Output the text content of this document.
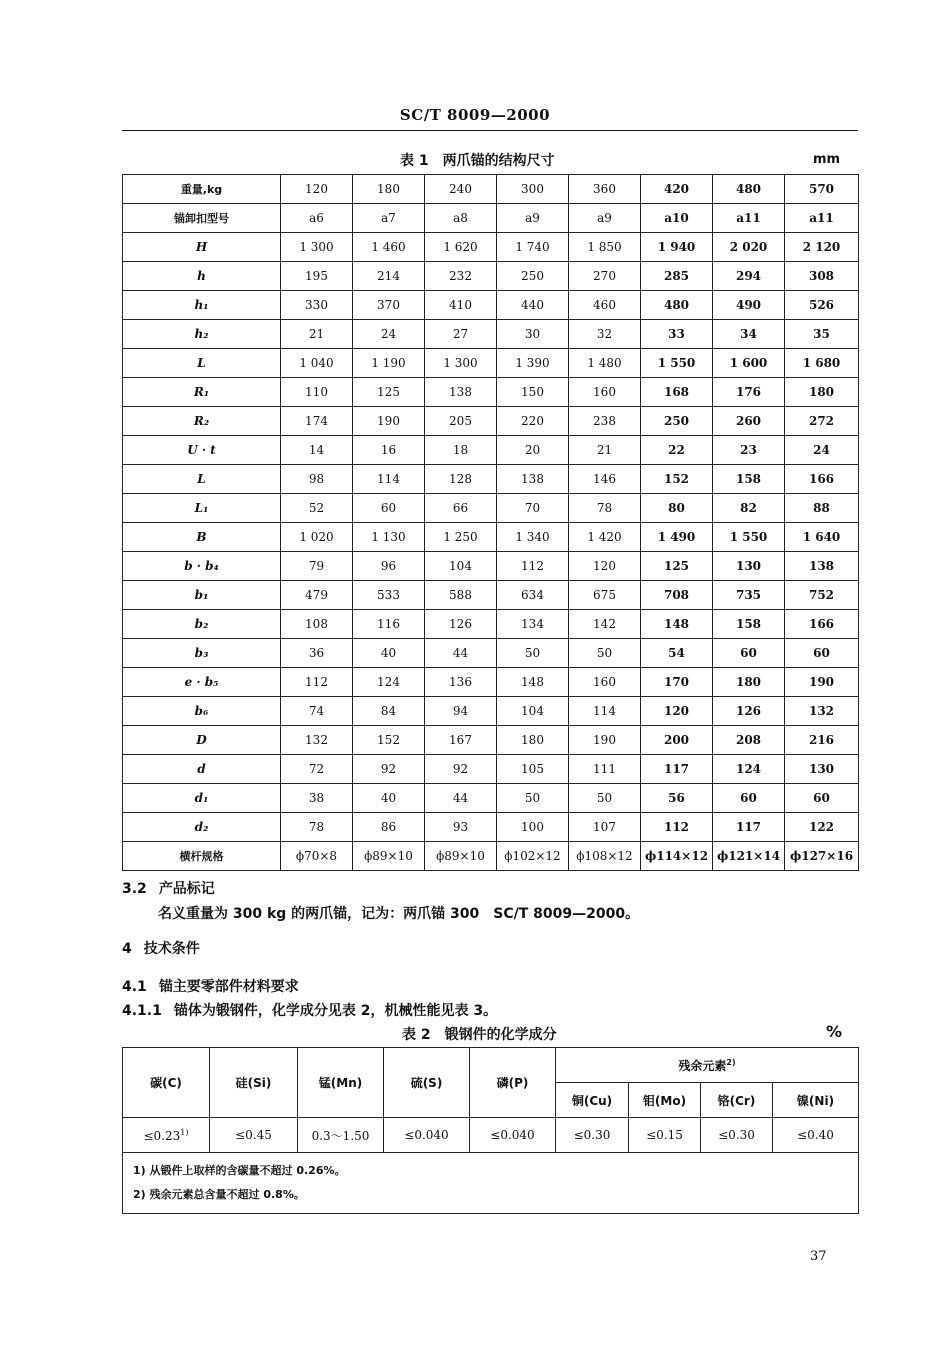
SC/T 8009—2000
表 1　两爪锚的结构尺寸	mm
重量,kg	120	180	240	300	360	420	480	570
锚卸扣型号	a6	a7	a8	a9	a9	a10	a11	a11
H	1 300	1 460	1 620	1 740	1 850	1 940	2 020	2 120
h	195	214	232	250	270	285	294	308
h₁	330	370	410	440	460	480	490	526
h₂	21	24	27	30	32	33	34	35
L	1 040	1 190	1 300	1 390	1 480	1 550	1 600	1 680
R₁	110	125	138	150	160	168	176	180
R₂	174	190	205	220	238	250	260	272
U · t	14	16	18	20	21	22	23	24
L	98	114	128	138	146	152	158	166
L₁	52	60	66	70	78	80	82	88
B	1 020	1 130	1 250	1 340	1 420	1 490	1 550	1 640
b · b₄	79	96	104	112	120	125	130	138
b₁	479	533	588	634	675	708	735	752
b₂	108	116	126	134	142	148	158	166
b₃	36	40	44	50	50	54	60	60
e · b₅	112	124	136	148	160	170	180	190
b₆	74	84	94	104	114	120	126	132
D	132	152	167	180	190	200	208	216
d	72	92	92	105	111	117	124	130
d₁	38	40	44	50	50	56	60	60
d₂	78	86	93	100	107	112	117	122
横杆规格	ϕ70×8	ϕ89×10	ϕ89×10	ϕ102×12	ϕ108×12	ϕ114×12	ϕ121×14	ϕ127×16
3.2 产品标记
名义重量为 300 kg 的两爪锚，记为：两爪锚 300　SC/T 8009—2000。
4 技术条件
4.1 锚主要零部件材料要求
4.1.1 锚体为锻钢件，化学成分见表 2，机械性能见表 3。
表 2　锻钢件的化学成分	%
碳(C)	硅(Si)	锰(Mn)	硫(S)	磷(P)	残余元素$^{2)}$
					铜(Cu)	钼(Mo)	铬(Cr)	镍(Ni)
$\le 0.23^{1)}$	≤0.45	0.3～1.50	≤0.040	≤0.040	≤0.30	≤0.15	≤0.30	≤0.40

1) 从锻件上取样的含碳量不超过 0.26%。
2) 残余元素总含量不超过 0.8%。								
37
